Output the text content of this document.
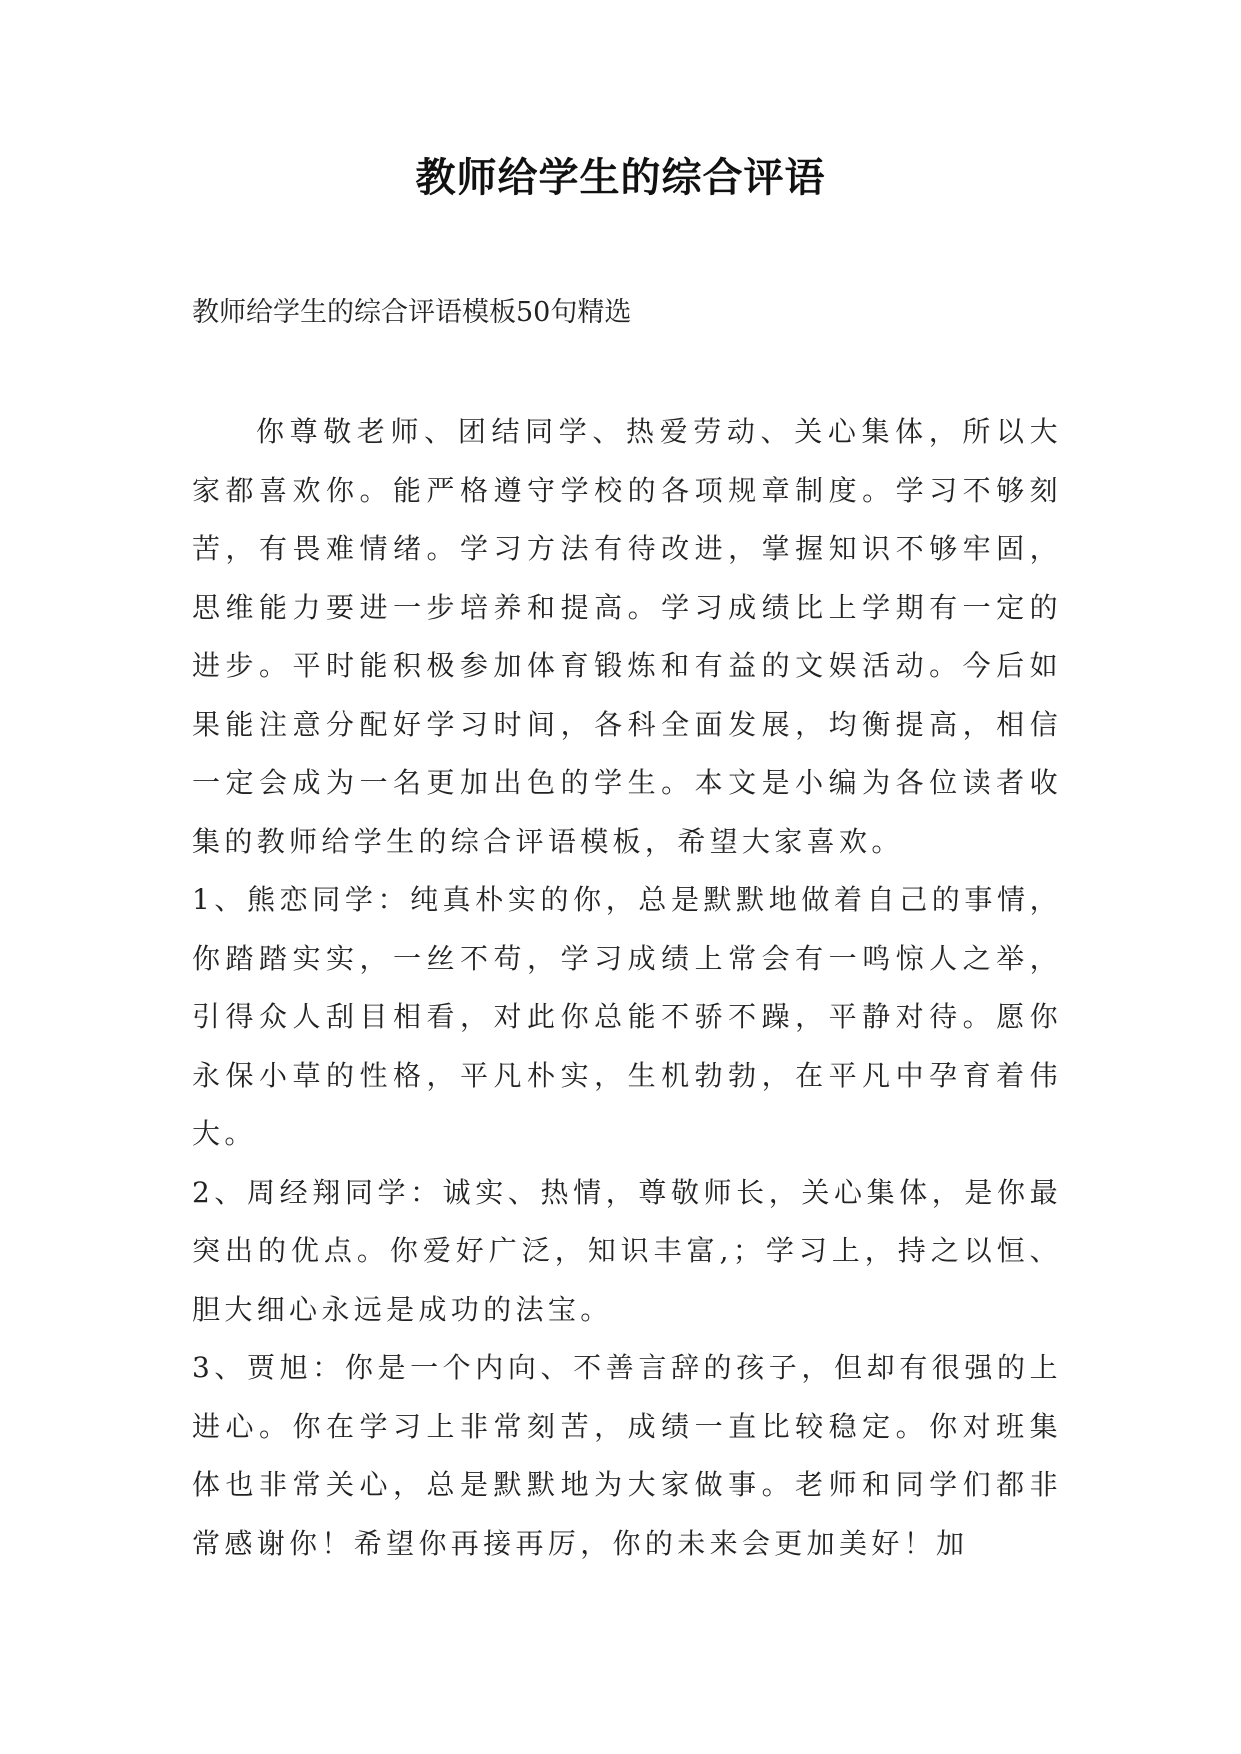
教师给学生的综合评语
教师给学生的综合评语模板50句精选

你尊敬老师、团结同学、热爱劳动、关心集体，所以大家都喜欢你。能严格遵守学校的各项规章制度。学习不够刻苦，有畏难情绪。学习方法有待改进，掌握知识不够牢固，思维能力要进一步培养和提高。学习成绩比上学期有一定的进步。平时能积极参加体育锻炼和有益的文娱活动。今后如果能注意分配好学习时间，各科全面发展，均衡提高，相信一定会成为一名更加出色的学生。本文是小编为各位读者收集的教师给学生的综合评语模板，希望大家喜欢。

1、熊恋同学：纯真朴实的你，总是默默地做着自己的事情，你踏踏实实，一丝不苟，学习成绩上常会有一鸣惊人之举，引得众人刮目相看，对此你总能不骄不躁，平静对待。愿你永保小草的性格，平凡朴实，生机勃勃，在平凡中孕育着伟大。

2、周经翔同学：诚实、热情，尊敬师长，关心集体，是你最突出的优点。你爱好广泛，知识丰富,；学习上，持之以恒、胆大细心永远是成功的法宝。

3、贾旭：你是一个内向、不善言辞的孩子，但却有很强的上进心。你在学习上非常刻苦，成绩一直比较稳定。你对班集体也非常关心，总是默默地为大家做事。老师和同学们都非常感谢你！希望你再接再厉，你的未来会更加美好！加
